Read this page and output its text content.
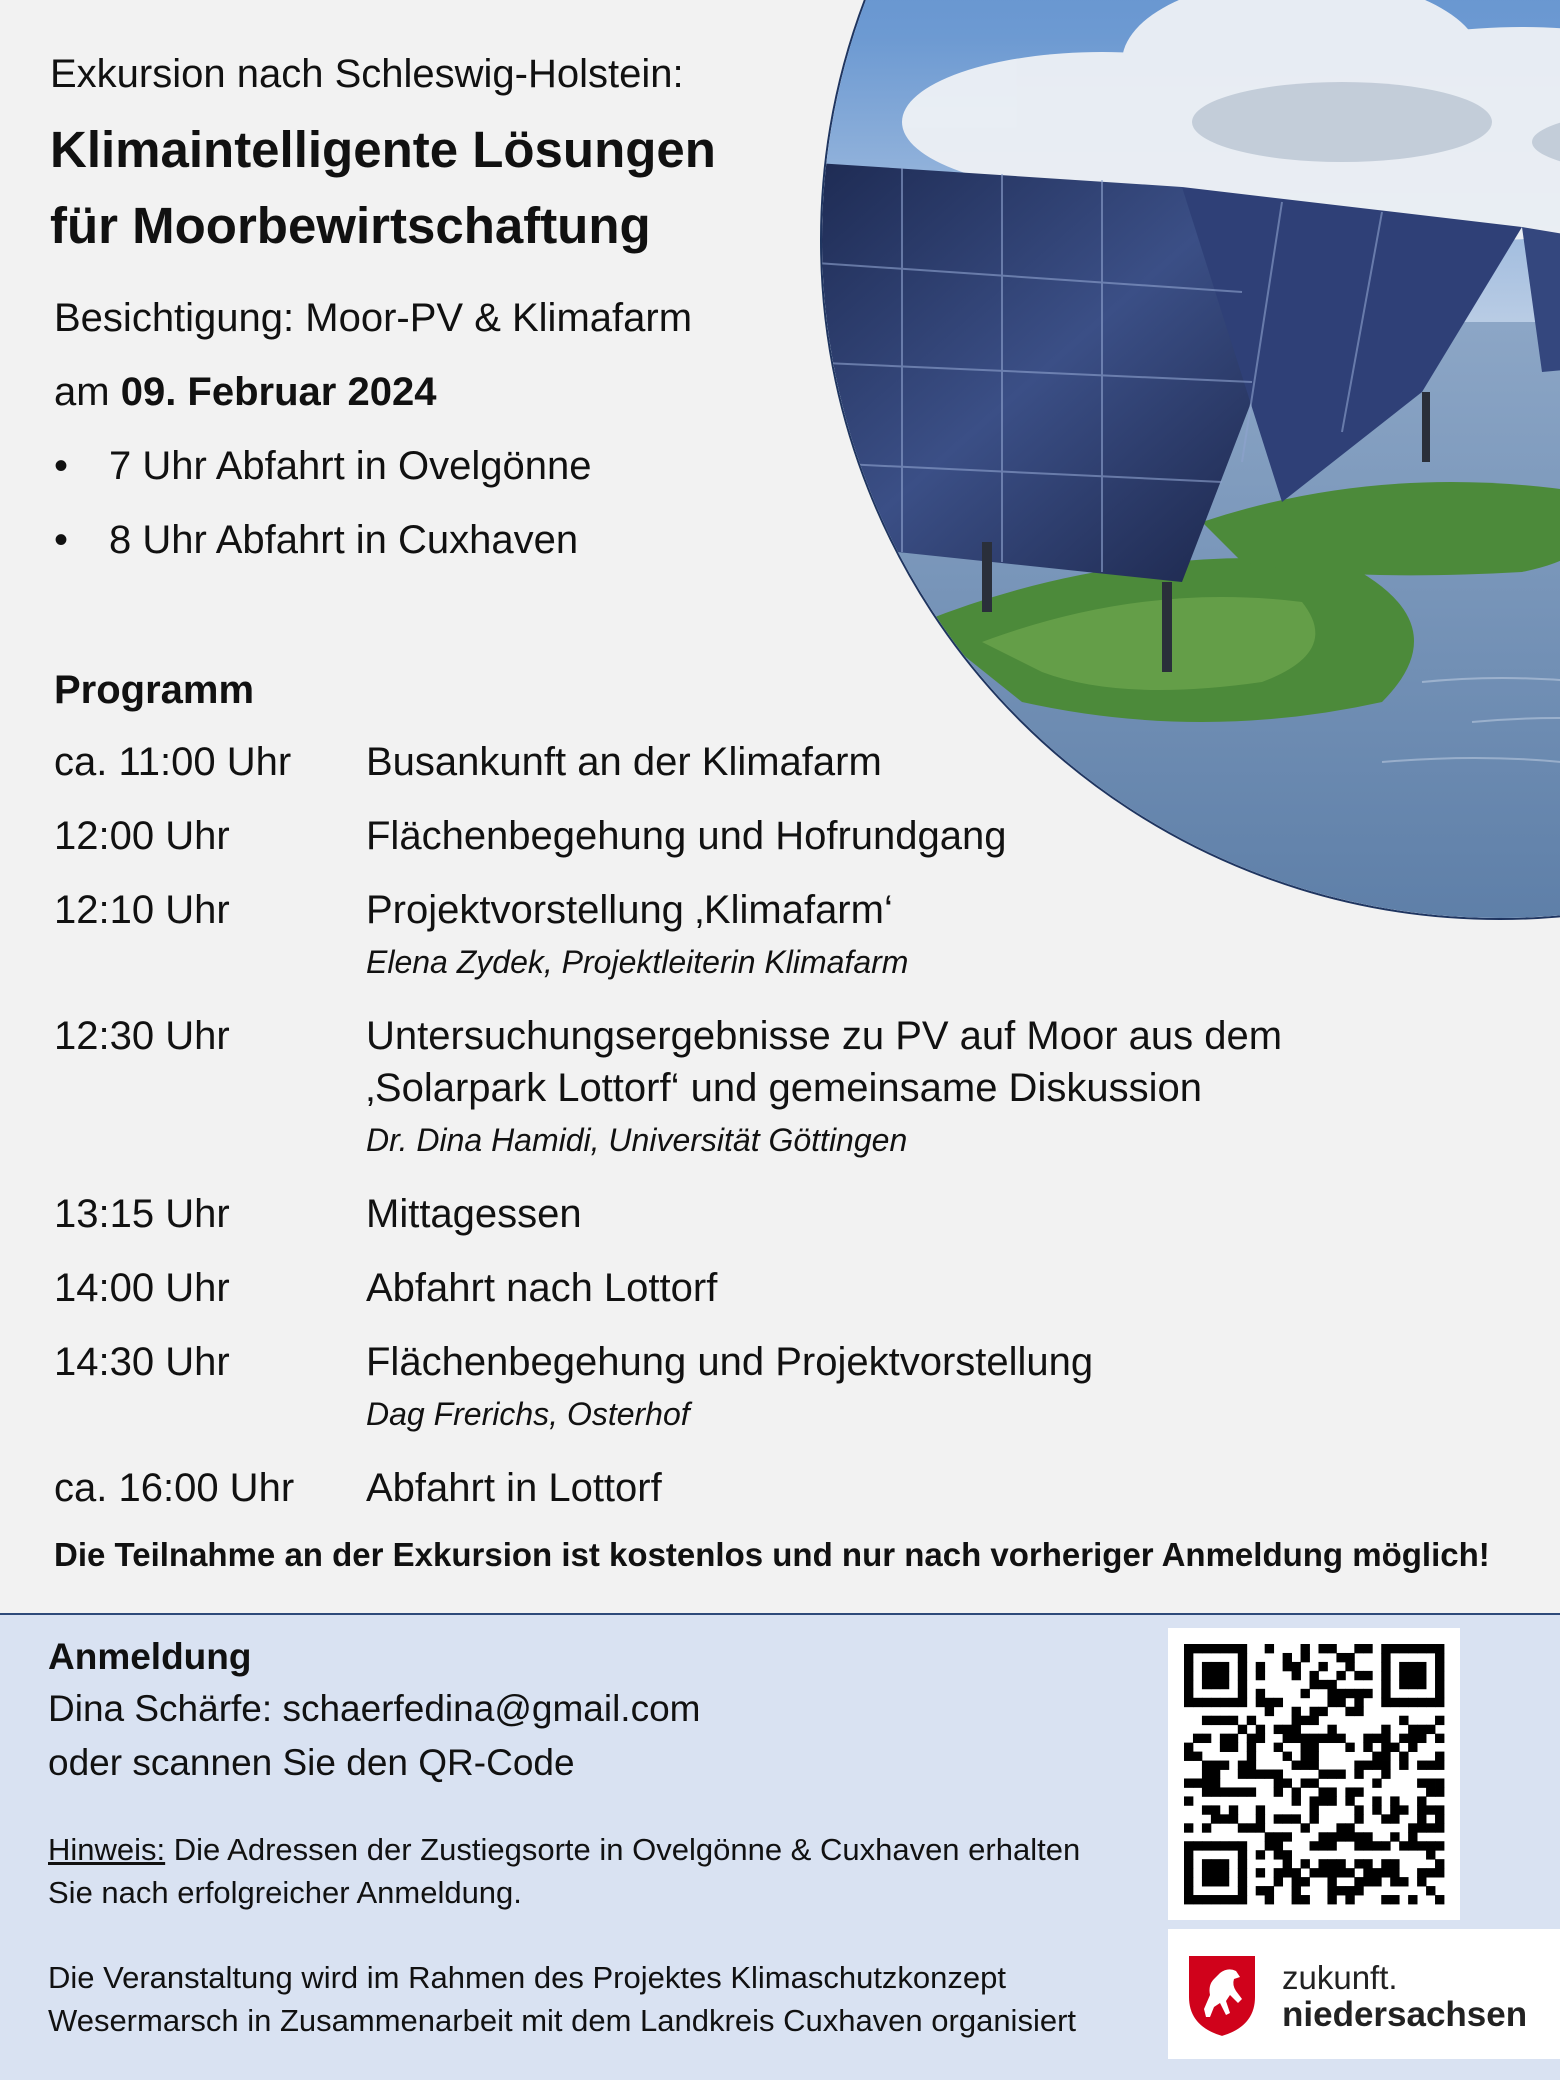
Exkursion nach Schleswig-Holstein:
Klimaintelligente Lösungen
für Moorbewirtschaftung
Besichtigung: Moor-PV & Klimafarm
am 09. Februar 2024
• 7 Uhr Abfahrt in Ovelgönne
• 8 Uhr Abfahrt in Cuxhaven
Programm
ca. 11:00 Uhr Busankunft an der Klimafarm
12:00 Uhr	Flächenbegehung und Hofrundgang
12:10 Uhr	Projektvorstellung ‚Klimafarm‘
Elena Zydek, Projektleiterin Klimafarm
12:30 Uhr	Untersuchungsergebnisse zu PV auf Moor aus dem
‚Solarpark Lottorf‘ und gemeinsame Diskussion
Dr. Dina Hamidi, Universität Göttingen
13:15 Uhr	Mittagessen
14:00 Uhr	Abfahrt nach Lottorf
14:30 Uhr	Flächenbegehung und Projektvorstellung
Dag Frerichs, Osterhof
ca. 16:00 Uhr Abfahrt in Lottorf
Die Teilnahme an der Exkursion ist kostenlos und nur nach vorheriger Anmeldung möglich!
Anmeldung
Dina Schärfe: schaerfedina@gmail.com
oder scannen Sie den QR-Code
Hinweis: Die Adressen der Zustiegsorte in Ovelgönne & Cuxhaven erhalten
Sie nach erfolgreicher Anmeldung.
Die Veranstaltung wird im Rahmen des Projektes Klimaschutzkonzept
Wesermarsch in Zusammenarbeit mit dem Landkreis Cuxhaven organisiert
zukunft.
niedersachsen
